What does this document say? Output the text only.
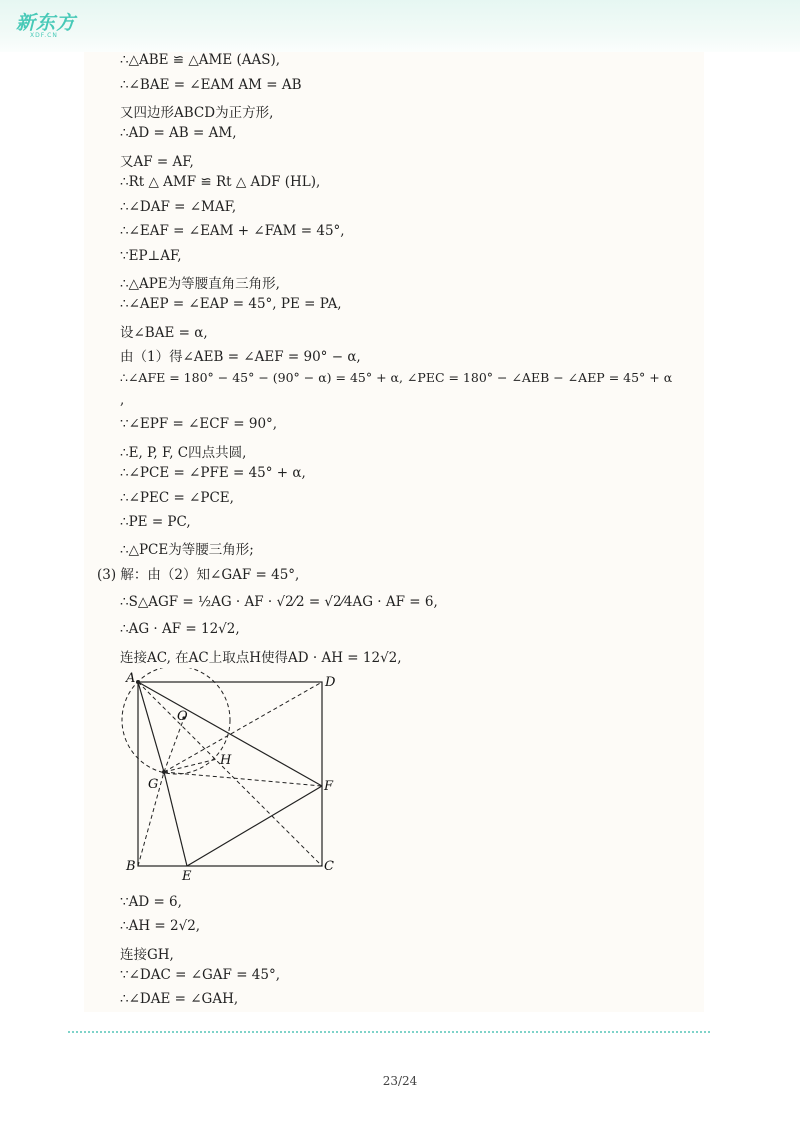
新东方
XDF.CN
∴△ABE ≌ △AME (AAS),
∴∠BAE = ∠EAM AM = AB
又四边形ABCD为正方形,
∴AD = AB = AM,
又AF = AF,
∴Rt △ AMF ≌ Rt △ ADF (HL),
∴∠DAF = ∠MAF,
∴∠EAF = ∠EAM + ∠FAM = 45°,
∵EP⊥AF,
∴△APE为等腰直角三角形,
∴∠AEP = ∠EAP = 45°, PE = PA,
设∠BAE = α,
由（1）得∠AEB = ∠AEF = 90° − α,
∴∠AFE = 180° − 45° − (90° − α) = 45° + α, ∠PEC = 180° − ∠AEB − ∠AEP = 45° + α
,
∵∠EPF = ∠ECF = 90°,
∴E, P, F, C四点共圆,
∴∠PCE = ∠PFE = 45° + α,
∴∠PEC = ∠PCE,
∴PE = PC,
∴△PCE为等腰三角形;
(3) 解：由（2）知∠GAF = 45°,
∴S△AGF = ½AG · AF · √2⁄2 = √2⁄4AG · AF = 6,
∴AG · AF = 12√2,
连接AC, 在AC上取点H使得AD · AH = 12√2,
A	D
O
H
G	F
B
E
C
∵AD = 6,
∴AH = 2√2,
连接GH,
∵∠DAC = ∠GAF = 45°,
∴∠DAE = ∠GAH,
23/24
